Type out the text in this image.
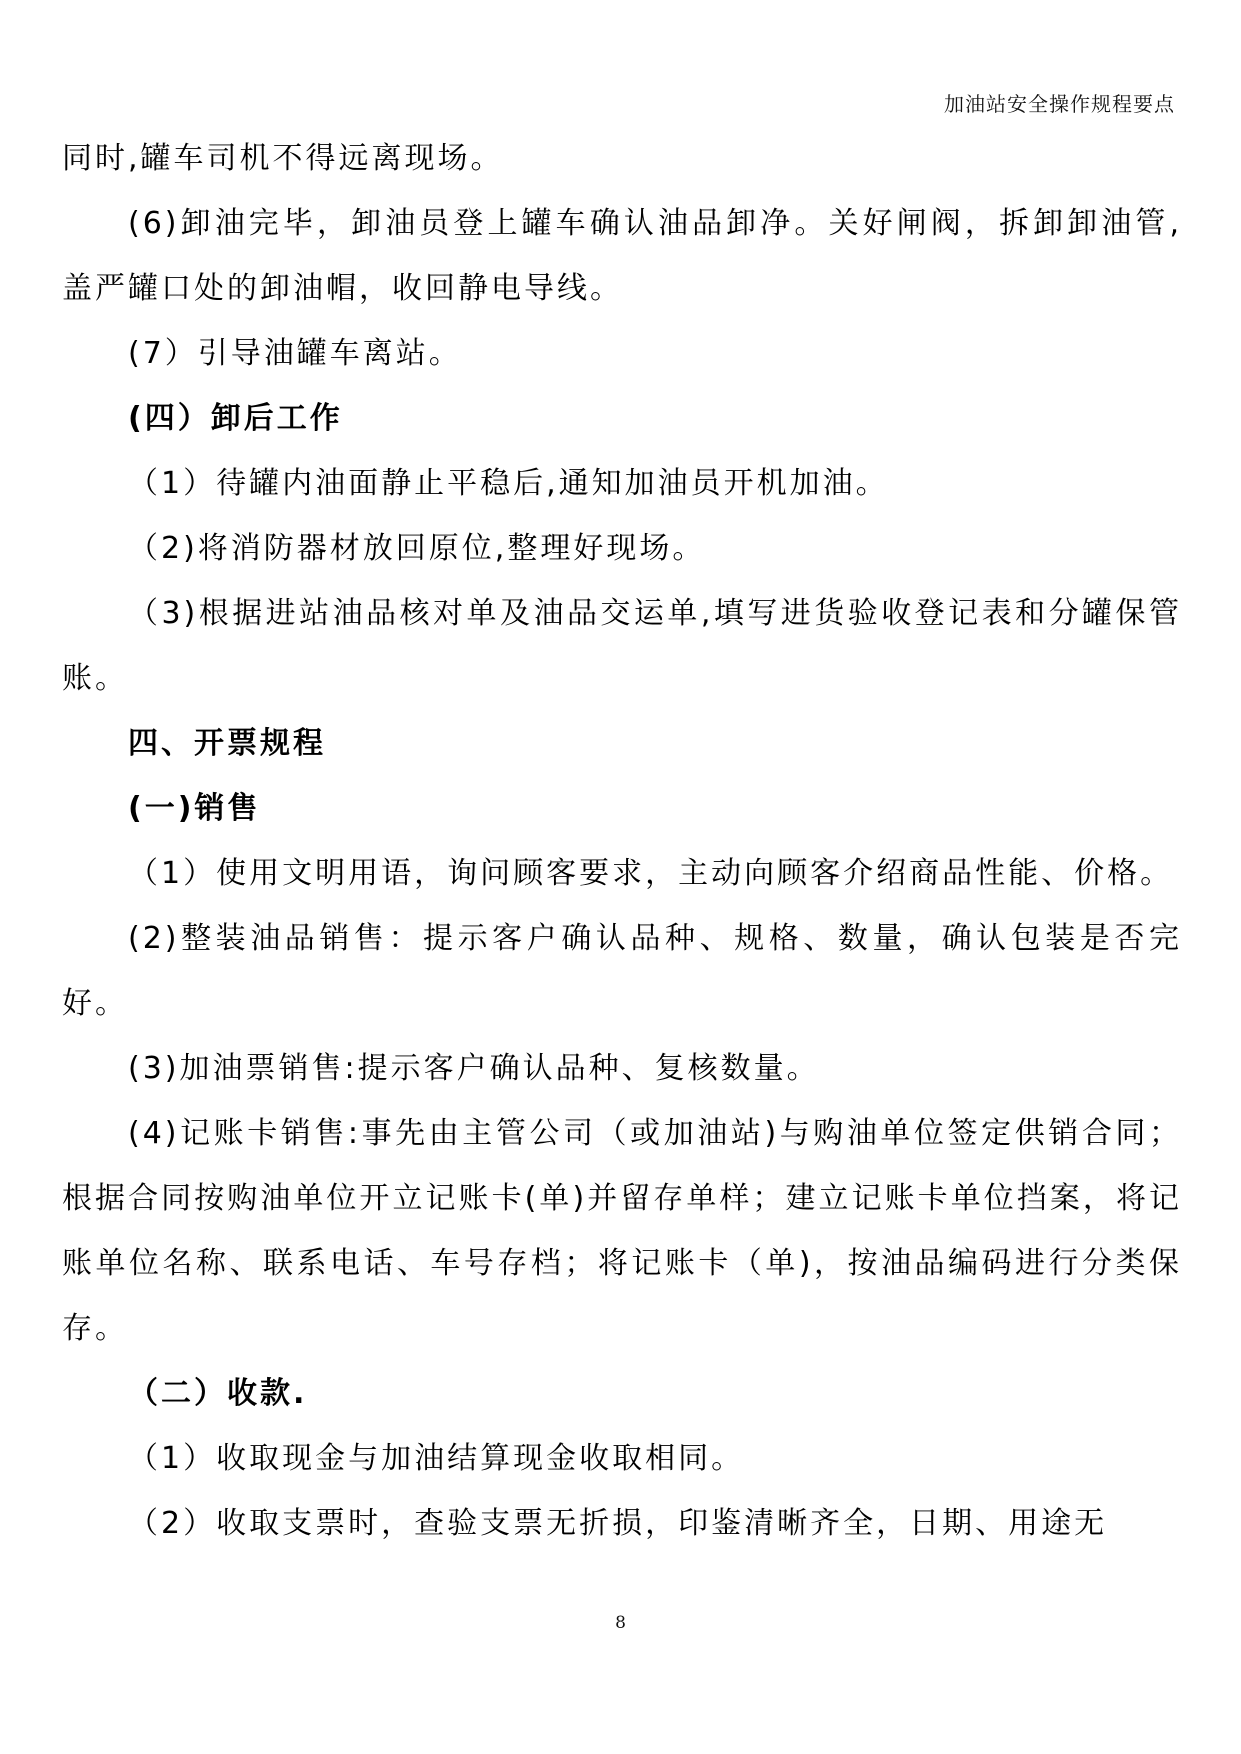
加油站安全操作规程要点

同时,罐车司机不得远离现场。

(6)卸油完毕，卸油员登上罐车确认油品卸净。关好闸阀，拆卸卸油管,盖严罐口处的卸油帽，收回静电导线。

(7）引导油罐车离站。

(四）卸后工作

（1）待罐内油面静止平稳后,通知加油员开机加油。

（2)将消防器材放回原位,整理好现场。

（3)根据进站油品核对单及油品交运单,填写进货验收登记表和分罐保管账。

四、开票规程

(一)销售

（1）使用文明用语，询问顾客要求，主动向顾客介绍商品性能、价格。

(2)整装油品销售：提示客户确认品种、规格、数量，确认包装是否完好。

(3)加油票销售:提示客户确认品种、复核数量。

(4)记账卡销售:事先由主管公司（或加油站)与购油单位签定供销合同；根据合同按购油单位开立记账卡(单)并留存单样；建立记账卡单位挡案，将记账单位名称、联系电话、车号存档；将记账卡（单)，按油品编码进行分类保存。

（二）收款.

（1）收取现金与加油结算现金收取相同。

（2）收取支票时，查验支票无折损，印鉴清晰齐全，日期、用途无

8
